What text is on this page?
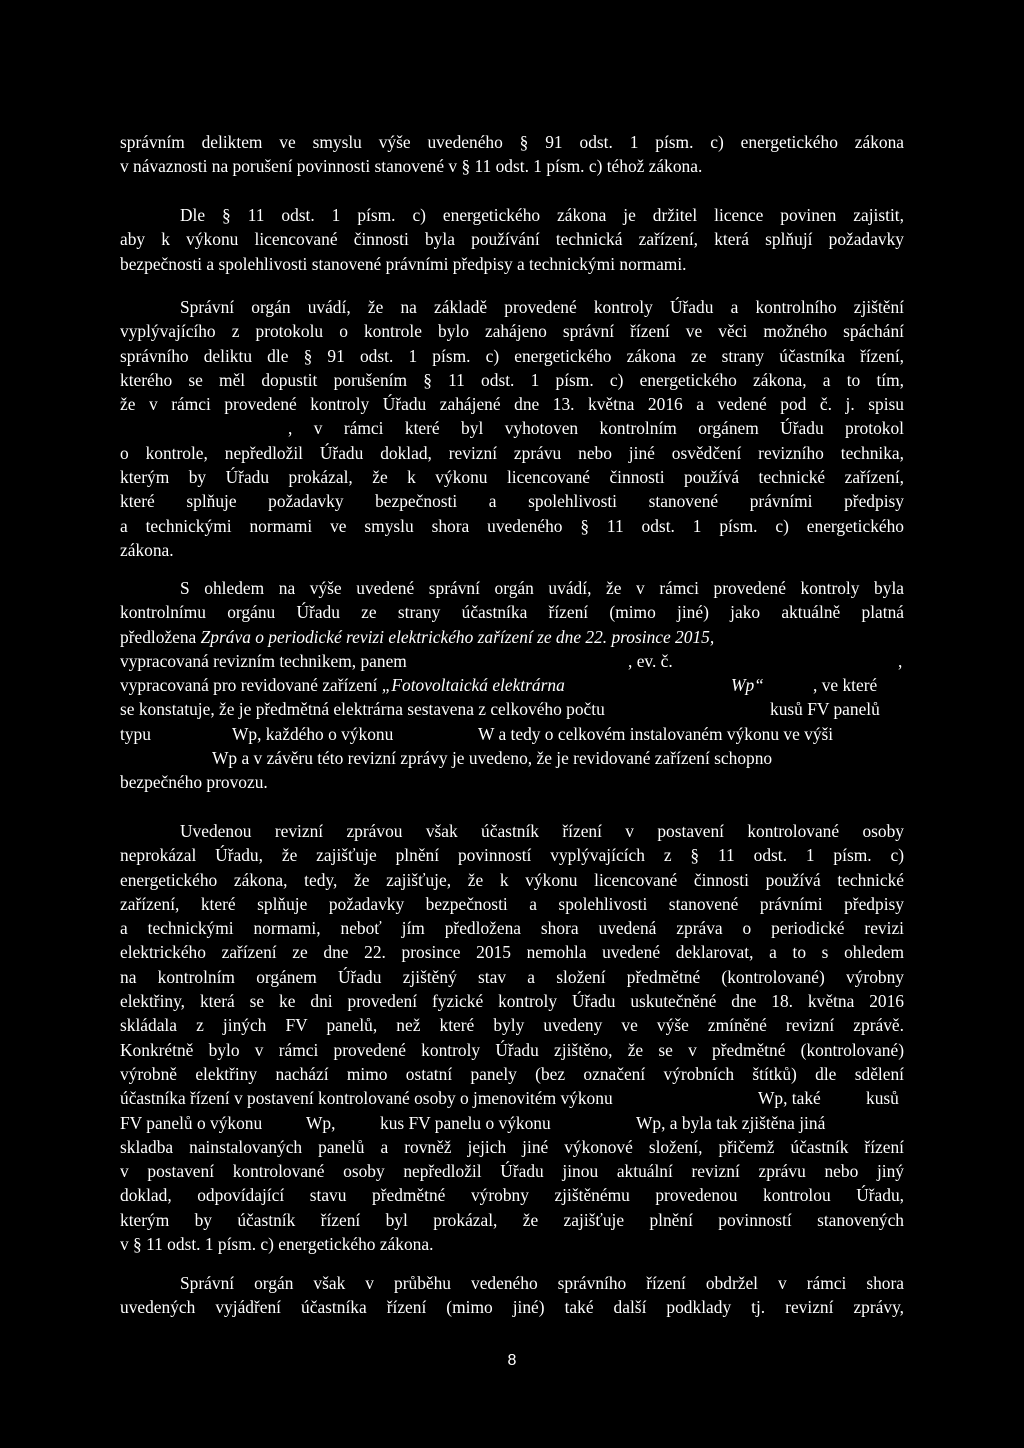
správním deliktem ve smyslu výše uvedeného § 91 odst. 1 písm. c) energetického zákona
v návaznosti na porušení povinnosti stanovené v § 11 odst. 1 písm. c) téhož zákona.
Dle § 11 odst. 1 písm. c) energetického zákona je držitel licence povinen zajistit,
aby k výkonu licencované činnosti byla používání technická zařízení, která splňují požadavky
bezpečnosti a spolehlivosti stanovené právními předpisy a technickými normami.
Správní orgán uvádí, že na základě provedené kontroly Úřadu a kontrolního zjištění
vyplývajícího z protokolu o kontrole bylo zahájeno správní řízení ve věci možného spáchání
správního deliktu dle § 91 odst. 1 písm. c) energetického zákona ze strany účastníka řízení,
kterého se měl dopustit porušením § 11 odst. 1 písm. c) energetického zákona, a to tím,
že v rámci provedené kontroly Úřadu zahájené dne 13. května 2016 a vedené pod č. j. spisu
, v rámci které byl vyhotoven kontrolním orgánem Úřadu protokol
o kontrole, nepředložil Úřadu doklad, revizní zprávu nebo jiné osvědčení revizního technika,
kterým by Úřadu prokázal, že k výkonu licencované činnosti používá technické zařízení,
které splňuje požadavky bezpečnosti a spolehlivosti stanovené právními předpisy
a technickými normami ve smyslu shora uvedeného § 11 odst. 1 písm. c) energetického
zákona.
S ohledem na výše uvedené správní orgán uvádí, že v rámci provedené kontroly byla
kontrolnímu orgánu Úřadu ze strany účastníka řízení (mimo jiné) jako aktuálně platná
předložena Zpráva o periodické revizi elektrického zařízení ze dne 22. prosince 2015,
vypracovaná revizním technikem, panem	, ev. č.	,
vypracovaná pro revidované zařízení „Fotovoltaická elektrárna	Wp“	, ve které
se konstatuje, že je předmětná elektrárna sestavena z celkového počtu	kusů FV panelů
typu	Wp, každého o výkonu	W a tedy o celkovém instalovaném výkonu ve výši
Wp a v závěru této revizní zprávy je uvedeno, že je revidované zařízení schopno
bezpečného provozu.
Uvedenou revizní zprávou však účastník řízení v postavení kontrolované osoby
neprokázal Úřadu, že zajišťuje plnění povinností vyplývajících z § 11 odst. 1 písm. c)
energetického zákona, tedy, že zajišťuje, že k výkonu licencované činnosti používá technické
zařízení, které splňuje požadavky bezpečnosti a spolehlivosti stanovené právními předpisy
a technickými normami, neboť jím předložena shora uvedená zpráva o periodické revizi
elektrického zařízení ze dne 22. prosince 2015 nemohla uvedené deklarovat, a to s ohledem
na kontrolním orgánem Úřadu zjištěný stav a složení předmětné (kontrolované) výrobny
elektřiny, která se ke dni provedení fyzické kontroly Úřadu uskutečněné dne 18. května 2016
skládala z jiných FV panelů, než které byly uvedeny ve výše zmíněné revizní zprávě.
Konkrétně bylo v rámci provedené kontroly Úřadu zjištěno, že se v předmětné (kontrolované)
výrobně elektřiny nachází mimo ostatní panely (bez označení výrobních štítků) dle sdělení
účastníka řízení v postavení kontrolované osoby o jmenovitém výkonu	Wp, také	kusů
FV panelů o výkonu	Wp,	kus FV panelu o výkonu	Wp, a byla tak zjištěna jiná
skladba nainstalovaných panelů a rovněž jejich jiné výkonové složení, přičemž účastník řízení
v postavení kontrolované osoby nepředložil Úřadu jinou aktuální revizní zprávu nebo jiný
doklad, odpovídající stavu předmětné výrobny zjištěnému provedenou kontrolou Úřadu,
kterým by účastník řízení byl prokázal, že zajišťuje plnění povinností stanovených
v § 11 odst. 1 písm. c) energetického zákona.
Správní orgán však v průběhu vedeného správního řízení obdržel v rámci shora
uvedených vyjádření účastníka řízení (mimo jiné) také další podklady tj. revizní zprávy,
8
